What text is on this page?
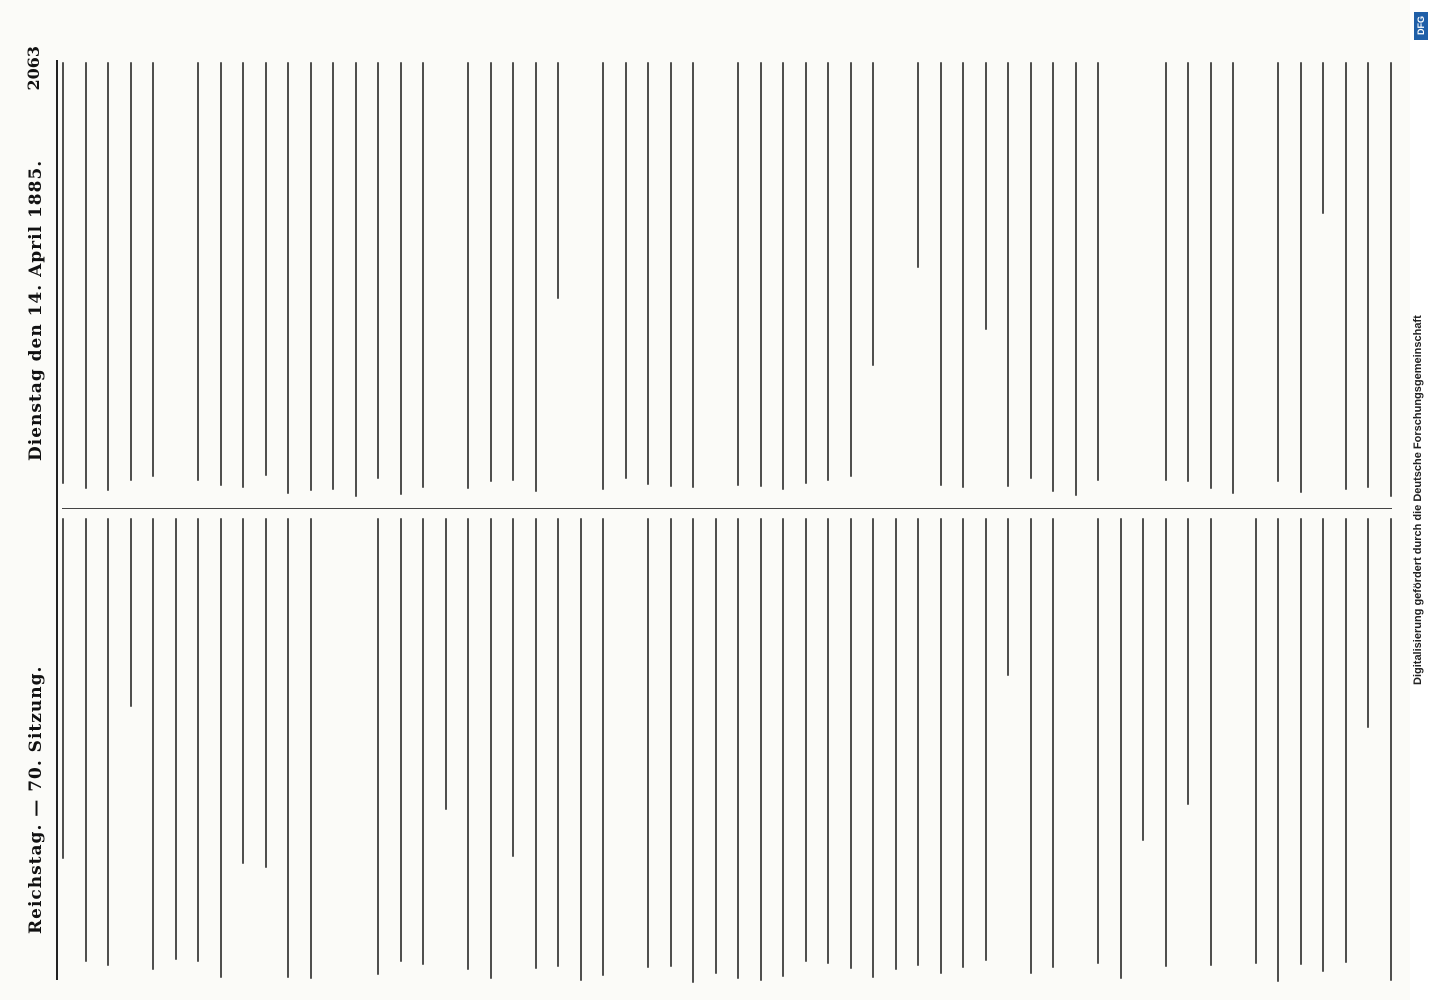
Reichstag. — 70. Sitzung.
Dienstag den 14. April 1885.
2063
DFG
Digitalisierung gefördert durch die Deutsche Forschungsgemeinschaft
